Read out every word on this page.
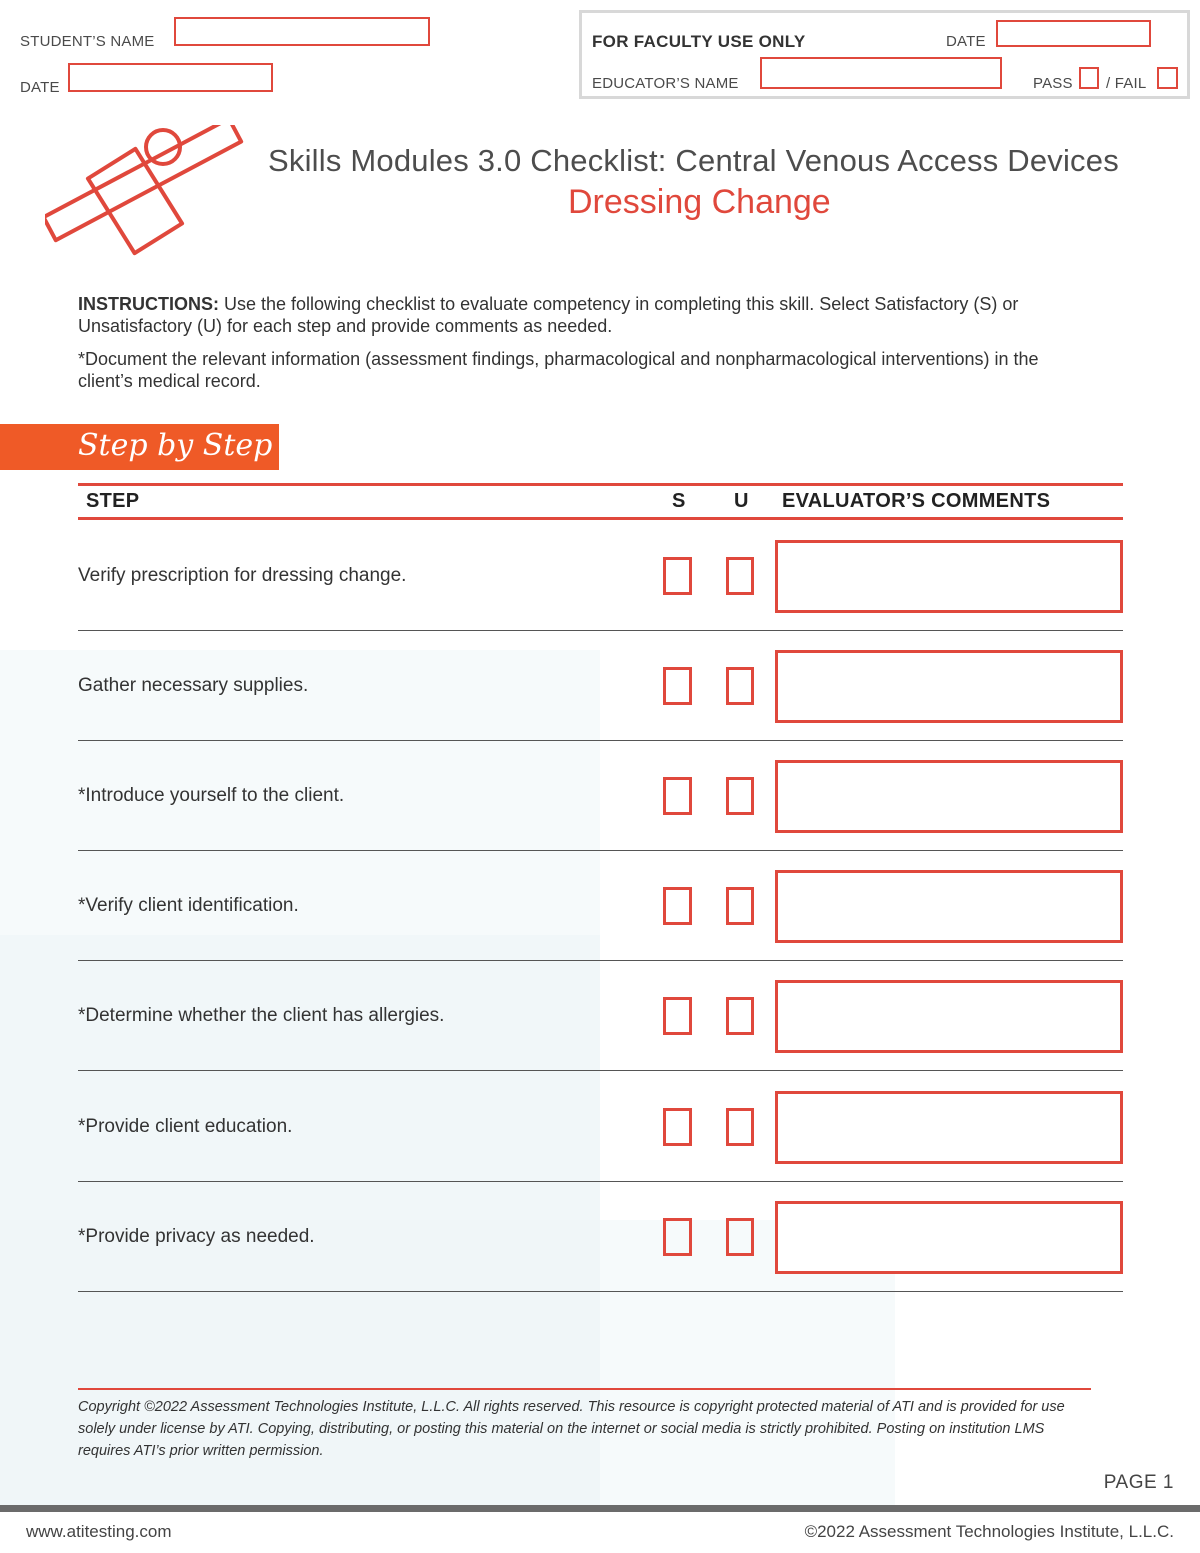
STUDENT’S NAME
DATE
FOR FACULTY USE ONLY	DATE
EDUCATOR’S NAME	PASS / FAIL
Skills Modules 3.0 Checklist: Central Venous Access Devices
Dressing Change
INSTRUCTIONS: Use the following checklist to evaluate competency in completing this skill. Select Satisfactory (S) or Unsatisfactory (U) for each step and provide comments as needed.
*Document the relevant information (assessment findings, pharmacological and nonpharmacological interventions) in the client’s medical record.
Step by Step
STEP	S U EVALUATOR’S COMMENTS
Verify prescription for dressing change.
Gather necessary supplies.
*Introduce yourself to the client.
*Verify client identification.
*Determine whether the client has allergies.
*Provide client education.
*Provide privacy as needed.
Copyright ©2022 Assessment Technologies Institute, L.L.C. All rights reserved. This resource is copyright protected material of ATI and is provided for use solely under license by ATI. Copying, distributing, or posting this material on the internet or social media is strictly prohibited. Posting on institution LMS requires ATI’s prior written permission.
PAGE 1
www.atitesting.com	©2022 Assessment Technologies Institute, L.L.C.
